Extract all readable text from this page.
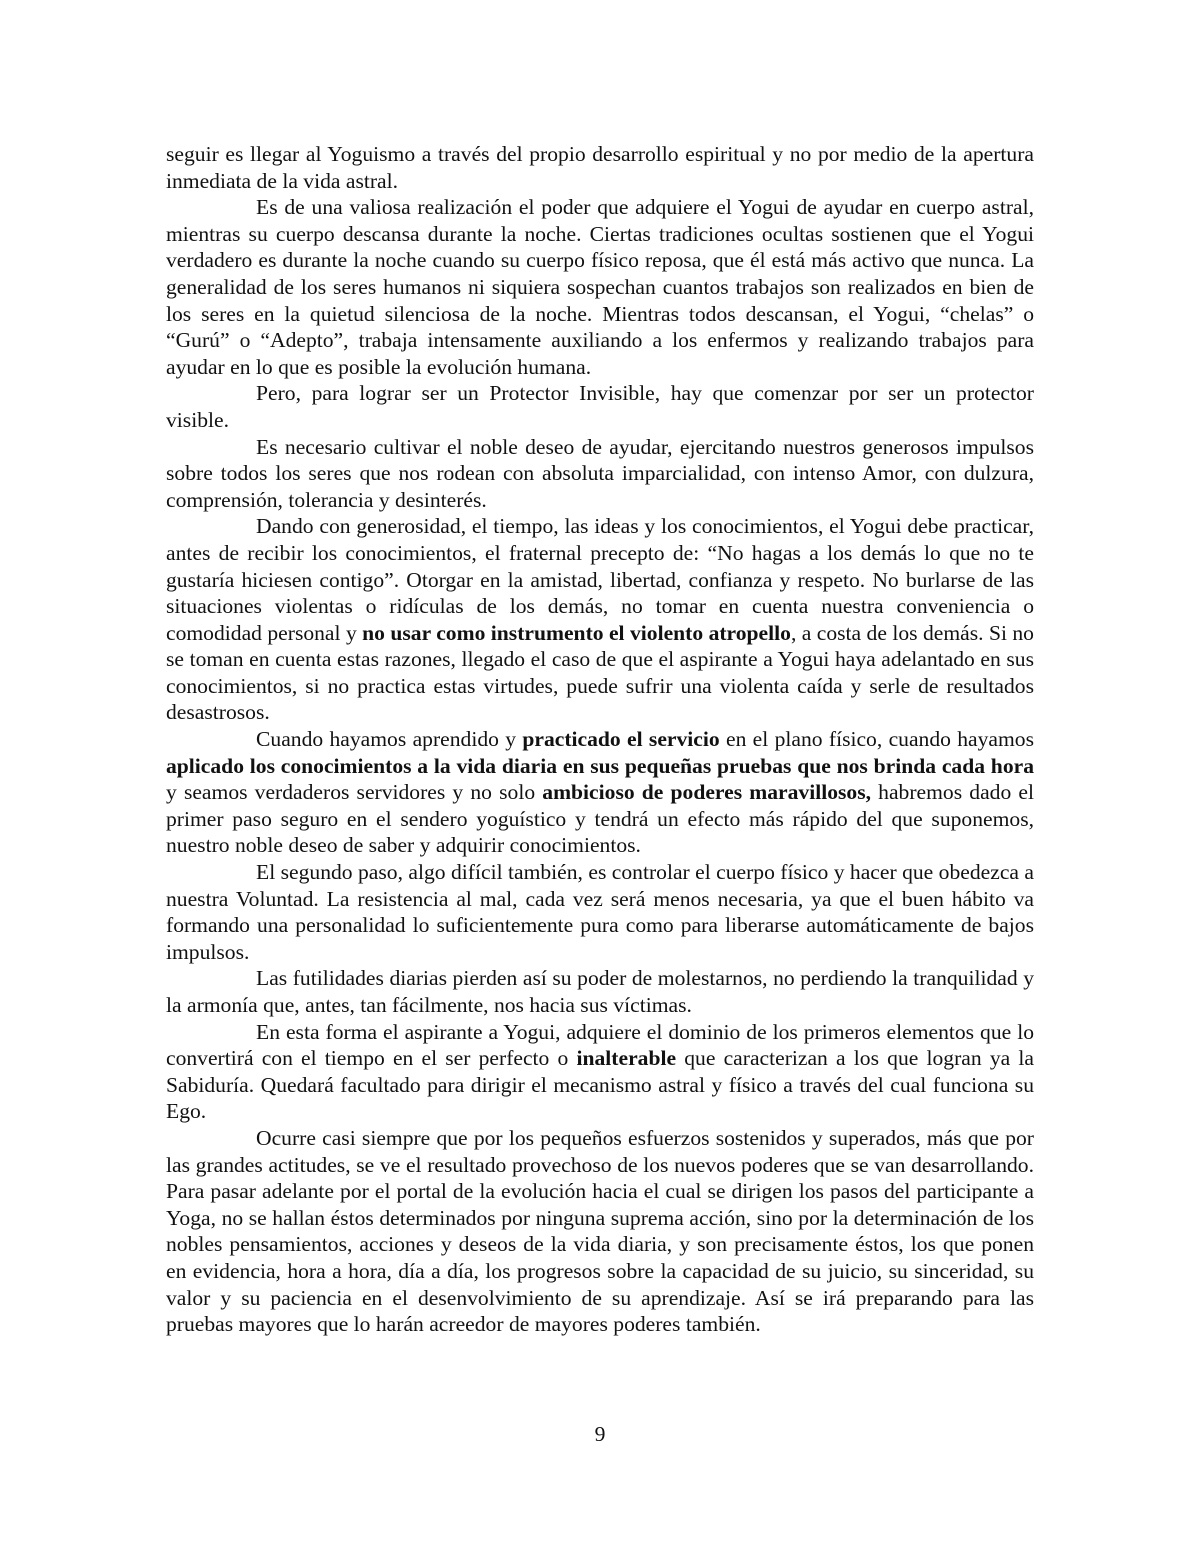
seguir es llegar al Yoguismo a través del propio desarrollo espiritual y no por medio de la apertura inmediata de la vida astral.

Es de una valiosa realización el poder que adquiere el Yogui de ayudar en cuerpo astral, mientras su cuerpo descansa durante la noche. Ciertas tradiciones ocultas sostienen que el Yogui verdadero es durante la noche cuando su cuerpo físico reposa, que él está más activo que nunca. La generalidad de los seres humanos ni siquiera sospechan cuantos trabajos son realizados en bien de los seres en la quietud silenciosa de la noche. Mientras todos descansan, el Yogui, “chelas” o “Gurú” o “Adepto”, trabaja intensamente auxiliando a los enfermos y realizando trabajos para ayudar en lo que es posible la evolución humana.

Pero, para lograr ser un Protector Invisible, hay que comenzar por ser un protector visible.

Es necesario cultivar el noble deseo de ayudar, ejercitando nuestros generosos impulsos sobre todos los seres que nos rodean con absoluta imparcialidad, con intenso Amor, con dulzura, comprensión, tolerancia y desinterés.

Dando con generosidad, el tiempo, las ideas y los conocimientos, el Yogui debe practicar, antes de recibir los conocimientos, el fraternal precepto de: “No hagas a los demás lo que no te gustaría hiciesen contigo”. Otorgar en la amistad, libertad, confianza y respeto. No burlarse de las situaciones violentas o ridículas de los demás, no tomar en cuenta nuestra conveniencia o comodidad personal y no usar como instrumento el violento atropello, a costa de los demás. Si no se toman en cuenta estas razones, llegado el caso de que el aspirante a Yogui haya adelantado en sus conocimientos, si no practica estas virtudes, puede sufrir una violenta caída y serle de resultados desastrosos.

Cuando hayamos aprendido y practicado el servicio en el plano físico, cuando hayamos aplicado los conocimientos a la vida diaria en sus pequeñas pruebas que nos brinda cada hora y seamos verdaderos servidores y no solo ambicioso de poderes maravillosos, habremos dado el primer paso seguro en el sendero yoguístico y tendrá un efecto más rápido del que suponemos, nuestro noble deseo de saber y adquirir conocimientos.

El segundo paso, algo difícil también, es controlar el cuerpo físico y hacer que obedezca a nuestra Voluntad. La resistencia al mal, cada vez será menos necesaria, ya que el buen hábito va formando una personalidad lo suficientemente pura como para liberarse automáticamente de bajos impulsos.

Las futilidades diarias pierden así su poder de molestarnos, no perdiendo la tranquilidad y la armonía que, antes, tan fácilmente, nos hacia sus víctimas.

En esta forma el aspirante a Yogui, adquiere el dominio de los primeros elementos que lo convertirá con el tiempo en el ser perfecto o inalterable que caracterizan a los que logran ya la Sabiduría. Quedará facultado para dirigir el mecanismo astral y físico a través del cual funciona su Ego.

Ocurre casi siempre que por los pequeños esfuerzos sostenidos y superados, más que por las grandes actitudes, se ve el resultado provechoso de los nuevos poderes que se van desarrollando. Para pasar adelante por el portal de la evolución hacia el cual se dirigen los pasos del participante a Yoga, no se hallan éstos determinados por ninguna suprema acción, sino por la determinación de los nobles pensamientos, acciones y deseos de la vida diaria, y son precisamente éstos, los que ponen en evidencia, hora a hora, día a día, los progresos sobre la capacidad de su juicio, su sinceridad, su valor y su paciencia en el desenvolvimiento de su aprendizaje. Así se irá preparando para las pruebas mayores que lo harán acreedor de mayores poderes también.

9
